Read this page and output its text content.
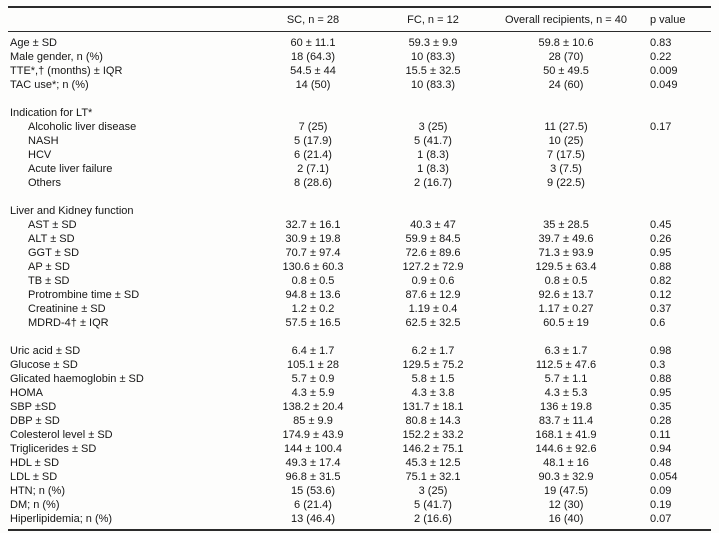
SC, n = 28	FC, n = 12	Overall recipients, n = 40	p value
Age ± SD	60 ± 11.1	59.3 ± 9.9	59.8 ± 10.6	0.83
Male gender, n (%)	18 (64.3)	10 (83.3)	28 (70)	0.22
TTE*,† (months) ± IQR	54.5 ± 44	15.5 ± 32.5	50 ± 49.5	0.009
TAC use*; n (%)	14 (50)	10 (83.3)	24 (60)	0.049
Indication for LT*
Alcoholic liver disease	7 (25)	3 (25)	11 (27.5)	0.17
NASH	5 (17.9)	5 (41.7)	10 (25)
HCV	6 (21.4)	1 (8.3)	7 (17.5)
Acute liver failure	2 (7.1)	1 (8.3)	3 (7.5)
Others	8 (28.6)	2 (16.7)	9 (22.5)
Liver and Kidney function
AST ± SD	32.7 ± 16.1	40.3 ± 47	35 ± 28.5	0.45
ALT ± SD	30.9 ± 19.8	59.9 ± 84.5	39.7 ± 49.6	0.26
GGT ± SD	70.7 ± 97.4	72.6 ± 89.6	71.3 ± 93.9	0.95
AP ± SD	130.6 ± 60.3	127.2 ± 72.9	129.5 ± 63.4	0.88
TB ± SD	0.8 ± 0.5	0.9 ± 0.6	0.8 ± 0.5	0.82
Protrombine time ± SD	94.8 ± 13.6	87.6 ± 12.9	92.6 ± 13.7	0.12
Creatinine ± SD	1.2 ± 0.2	1.19 ± 0.4	1.17 ± 0.27	0.37
MDRD-4† ± IQR	57.5 ± 16.5	62.5 ± 32.5	60.5 ± 19	0.6
Uric acid ± SD	6.4 ± 1.7	6.2 ± 1.7	6.3 ± 1.7	0.98
Glucose ± SD	105.1 ± 28	129.5 ± 75.2	112.5 ± 47.6	0.3
Glicated haemoglobin ± SD	5.7 ± 0.9	5.8 ± 1.5	5.7 ± 1.1	0.88
HOMA	4.3 ± 5.9	4.3 ± 3.8	4.3 ± 5.3	0.95
SBP ±SD	138.2 ± 20.4	131.7 ± 18.1	136 ± 19.8	0.35
DBP ± SD	85 ± 9.9	80.8 ± 14.3	83.7 ± 11.4	0.28
Colesterol level ± SD	174.9 ± 43.9	152.2 ± 33.2	168.1 ± 41.9	0.11
Triglicerides ± SD	144 ± 100.4	146.2 ± 75.1	144.6 ± 92.6	0.94
HDL ± SD	49.3 ± 17.4	45.3 ± 12.5	48.1 ± 16	0.48
LDL ± SD	96.8 ± 31.5	75.1 ± 32.1	90.3 ± 32.9	0.054
HTN; n (%)	15 (53.6)	3 (25)	19 (47.5)	0.09
DM; n (%)	6 (21.4)	5 (41.7)	12 (30)	0.19
Hiperlipidemia; n (%)	13 (46.4)	2 (16.6)	16 (40)	0.07
